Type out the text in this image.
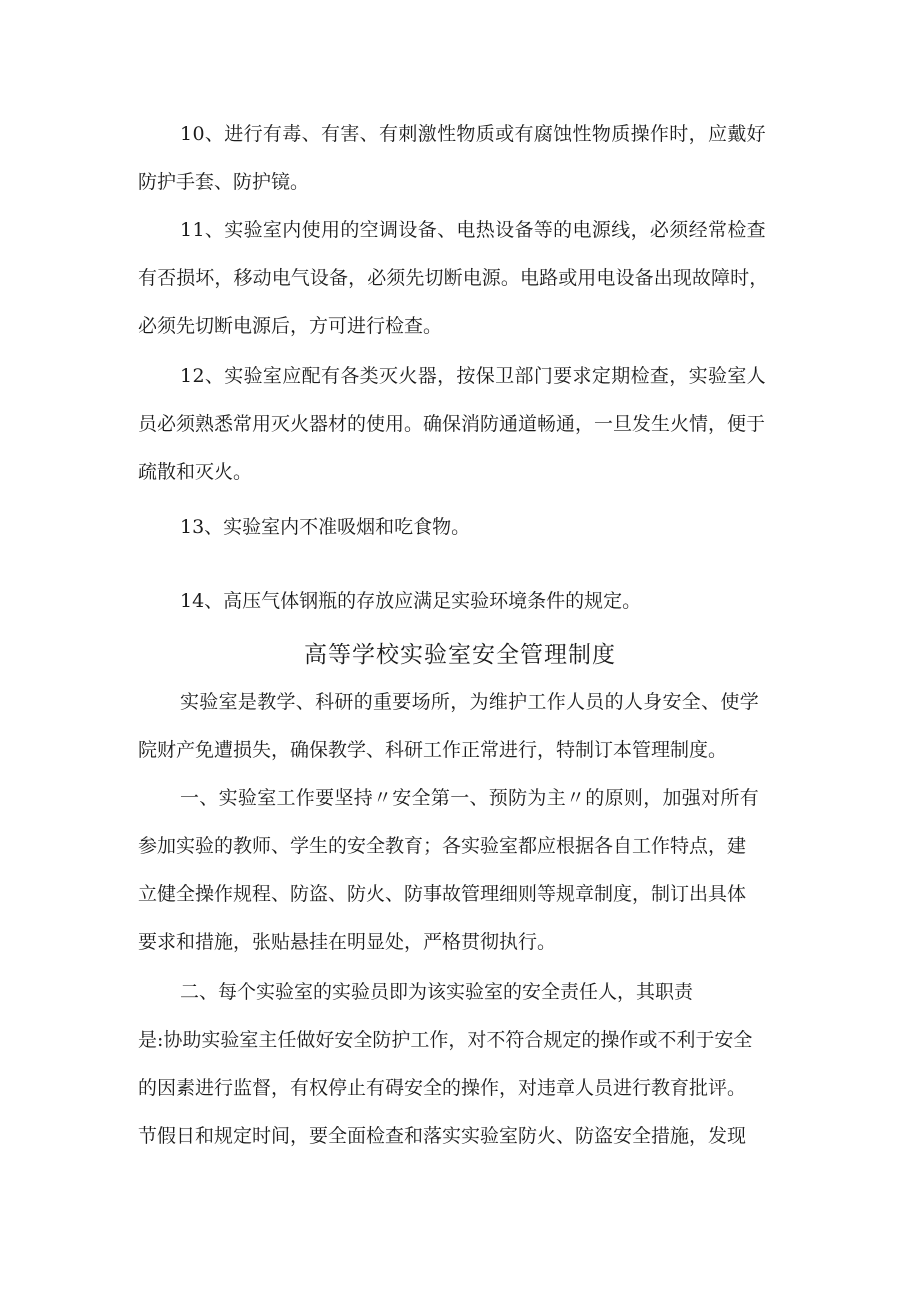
10、进行有毒、有害、有刺激性物质或有腐蚀性物质操作时，应戴好
防护手套、防护镜。
11、实验室内使用的空调设备、电热设备等的电源线，必须经常检查
有否损坏，移动电气设备，必须先切断电源。电路或用电设备出现故障时，
必须先切断电源后，方可进行检查。
12、实验室应配有各类灭火器，按保卫部门要求定期检查，实验室人
员必须熟悉常用灭火器材的使用。确保消防通道畅通，一旦发生火情，便于
疏散和灭火。
13、实验室内不准吸烟和吃食物。
14、高压气体钢瓶的存放应满足实验环境条件的规定。
高等学校实验室安全管理制度
实验室是教学、科研的重要场所，为维护工作人员的人身安全、使学
院财产免遭损失，确保教学、科研工作正常进行，特制订本管理制度。
一、实验室工作要坚持〃安全第一、预防为主〃的原则，加强对所有
参加实验的教师、学生的安全教育；各实验室都应根据各自工作特点，建
立健全操作规程、防盗、防火、防事故管理细则等规章制度，制订出具体
要求和措施，张贴悬挂在明显处，严格贯彻执行。
二、每个实验室的实验员即为该实验室的安全责任人，其职责
是:协助实验室主任做好安全防护工作，对不符合规定的操作或不利于安全
的因素进行监督，有权停止有碍安全的操作，对违章人员进行教育批评。
节假日和规定时间，要全面检查和落实实验室防火、防盗安全措施，发现
